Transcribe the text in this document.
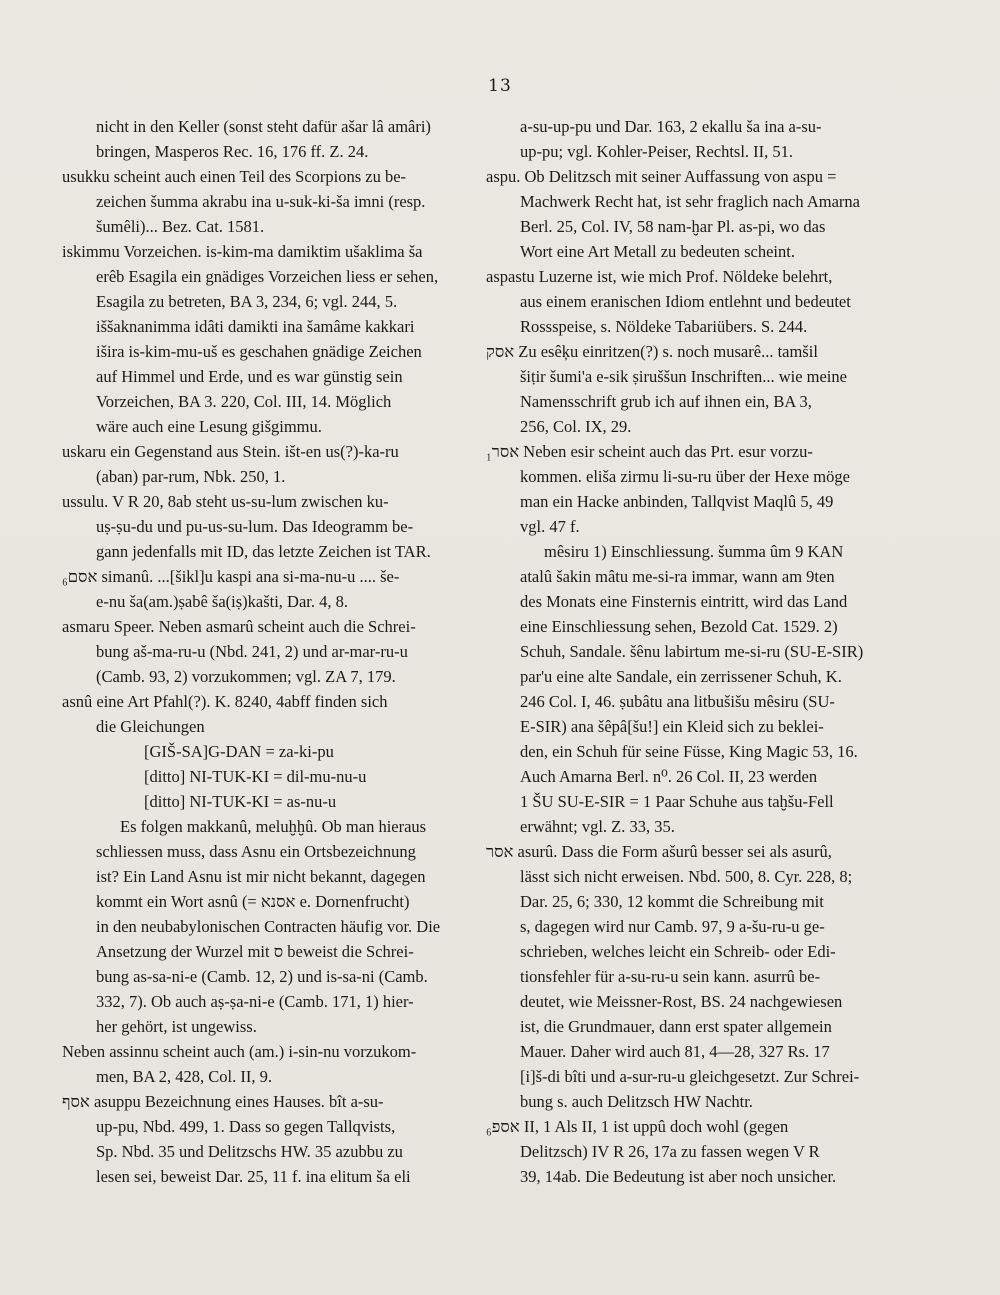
13
nicht in den Keller (sonst steht dafür ašar lâ amâri)
bringen, Masperos Rec. 16, 176 ff. Z. 24.
usukku scheint auch einen Teil des Scorpions zu be-
zeichen šumma akrabu ina u-suk-ki-ša imni (resp.
šumêli)... Bez. Cat. 1581.
iskimmu Vorzeichen. is-kim-ma damiktim ušaklima ša
erêb Esagila ein gnädiges Vorzeichen liess er sehen,
Esagila zu betreten, BA 3, 234, 6; vgl. 244, 5.
iššaknanimma idâti damikti ina šamâme kakkari
išira is-kim-mu-uš es geschahen gnädige Zeichen
auf Himmel und Erde, und es war günstig sein
Vorzeichen, BA 3. 220, Col. III, 14. Möglich
wäre auch eine Lesung gišgimmu.
uskaru ein Gegenstand aus Stein. išt-en us(?)-ka-ru
(aban) par-rum, Nbk. 250, 1.
ussulu. V R 20, 8ab steht us-su-lum zwischen ku-
uṣ-ṣu-du und pu-us-su-lum. Das Ideogramm be-
gann jedenfalls mit ID, das letzte Zeichen ist TAR.
אסם₆ simanû. ...[šikl]u kaspi ana si-ma-nu-u .... še-
e-nu ša(am.)ṣabê ša(iṣ)kašti, Dar. 4, 8.
asmaru Speer. Neben asmarû scheint auch die Schrei-
bung aš-ma-ru-u (Nbd. 241, 2) und ar-mar-ru-u
(Camb. 93, 2) vorzukommen; vgl. ZA 7, 179.
asnû eine Art Pfahl(?). K. 8240, 4abff finden sich
die Gleichungen
[GIŠ-SA]G-DAN = za-ki-pu
[ditto] NI-TUK-KI = dil-mu-nu-u
[ditto] NI-TUK-KI = as-nu-u
Es folgen makkanû, meluḫḫû. Ob man hieraus
schliessen muss, dass Asnu ein Ortsbezeichnung
ist? Ein Land Asnu ist mir nicht bekannt, dagegen
kommt ein Wort asnû (= אסנא e. Dornenfrucht)
in den neubabylonischen Contracten häufig vor. Die
Ansetzung der Wurzel mit ס beweist die Schrei-
bung as-sa-ni-e (Camb. 12, 2) und is-sa-ni (Camb.
332, 7). Ob auch aṣ-ṣa-ni-e (Camb. 171, 1) hier-
her gehört, ist ungewiss.
Neben assinnu scheint auch (am.) i-sin-nu vorzukom-
men, BA 2, 428, Col. II, 9.
אסף asuppu Bezeichnung eines Hauses. bît a-su-
up-pu, Nbd. 499, 1. Dass so gegen Tallqvists,
Sp. Nbd. 35 und Delitzschs HW. 35 azubbu zu
lesen sei, beweist Dar. 25, 11 f. ina elitum ša eli
a-su-up-pu und Dar. 163, 2 ekallu ša ina a-su-
up-pu; vgl. Kohler-Peiser, Rechtsl. II, 51.
aspu. Ob Delitzsch mit seiner Auffassung von aspu =
Machwerk Recht hat, ist sehr fraglich nach Amarna
Berl. 25, Col. IV, 58 nam-ḫar Pl. as-pi, wo das
Wort eine Art Metall zu bedeuten scheint.
aspastu Luzerne ist, wie mich Prof. Nöldeke belehrt,
aus einem eranischen Idiom entlehnt und bedeutet
Rossspeise, s. Nöldeke Tabariübers. S. 244.
אסק Zu esêķu einritzen(?) s. noch musarê... tamšil
šiṭir šumi'a e-sik ṣiruššun Inschriften... wie meine
Namensschrift grub ich auf ihnen ein, BA 3,
256, Col. IX, 29.
אסר₁ Neben esir scheint auch das Prt. esur vorzu-
kommen. eliša zirmu li-su-ru über der Hexe möge
man ein Hacke anbinden, Tallqvist Maqlû 5, 49
vgl. 47 f.
mêsiru 1) Einschliessung. šumma ûm 9 KAN
atalû šakin mâtu me-si-ra immar, wann am 9ten
des Monats eine Finsternis eintritt, wird das Land
eine Einschliessung sehen, Bezold Cat. 1529. 2)
Schuh, Sandale. šênu labirtum me-si-ru (SU-E-SIR)
par'u eine alte Sandale, ein zerrissener Schuh, K.
246 Col. I, 46. ṣubâtu ana litbušišu mêsiru (SU-
E-SIR) ana šêpâ[šu!] ein Kleid sich zu beklei-
den, ein Schuh für seine Füsse, King Magic 53, 16.
Auch Amarna Berl. n⁰. 26 Col. II, 23 werden
1 ŠU SU-E-SIR = 1 Paar Schuhe aus taḫšu-Fell
erwähnt; vgl. Z. 33, 35.
אסר asurû. Dass die Form ašurû besser sei als asurû,
lässt sich nicht erweisen. Nbd. 500, 8. Cyr. 228, 8;
Dar. 25, 6; 330, 12 kommt die Schreibung mit
s, dagegen wird nur Camb. 97, 9 a-šu-ru-u ge-
schrieben, welches leicht ein Schreib- oder Edi-
tionsfehler für a-su-ru-u sein kann. asurrû be-
deutet, wie Meissner-Rost, BS. 24 nachgewiesen
ist, die Grundmauer, dann erst spater allgemein
Mauer. Daher wird auch 81, 4—28, 327 Rs. 17
[i]š-di bîti und a-sur-ru-u gleichgesetzt. Zur Schrei-
bung s. auch Delitzsch HW Nachtr.
אספ₆ II, 1 Als II, 1 ist uppû doch wohl (gegen
Delitzsch) IV R 26, 17a zu fassen wegen V R
39, 14ab. Die Bedeutung ist aber noch unsicher.
